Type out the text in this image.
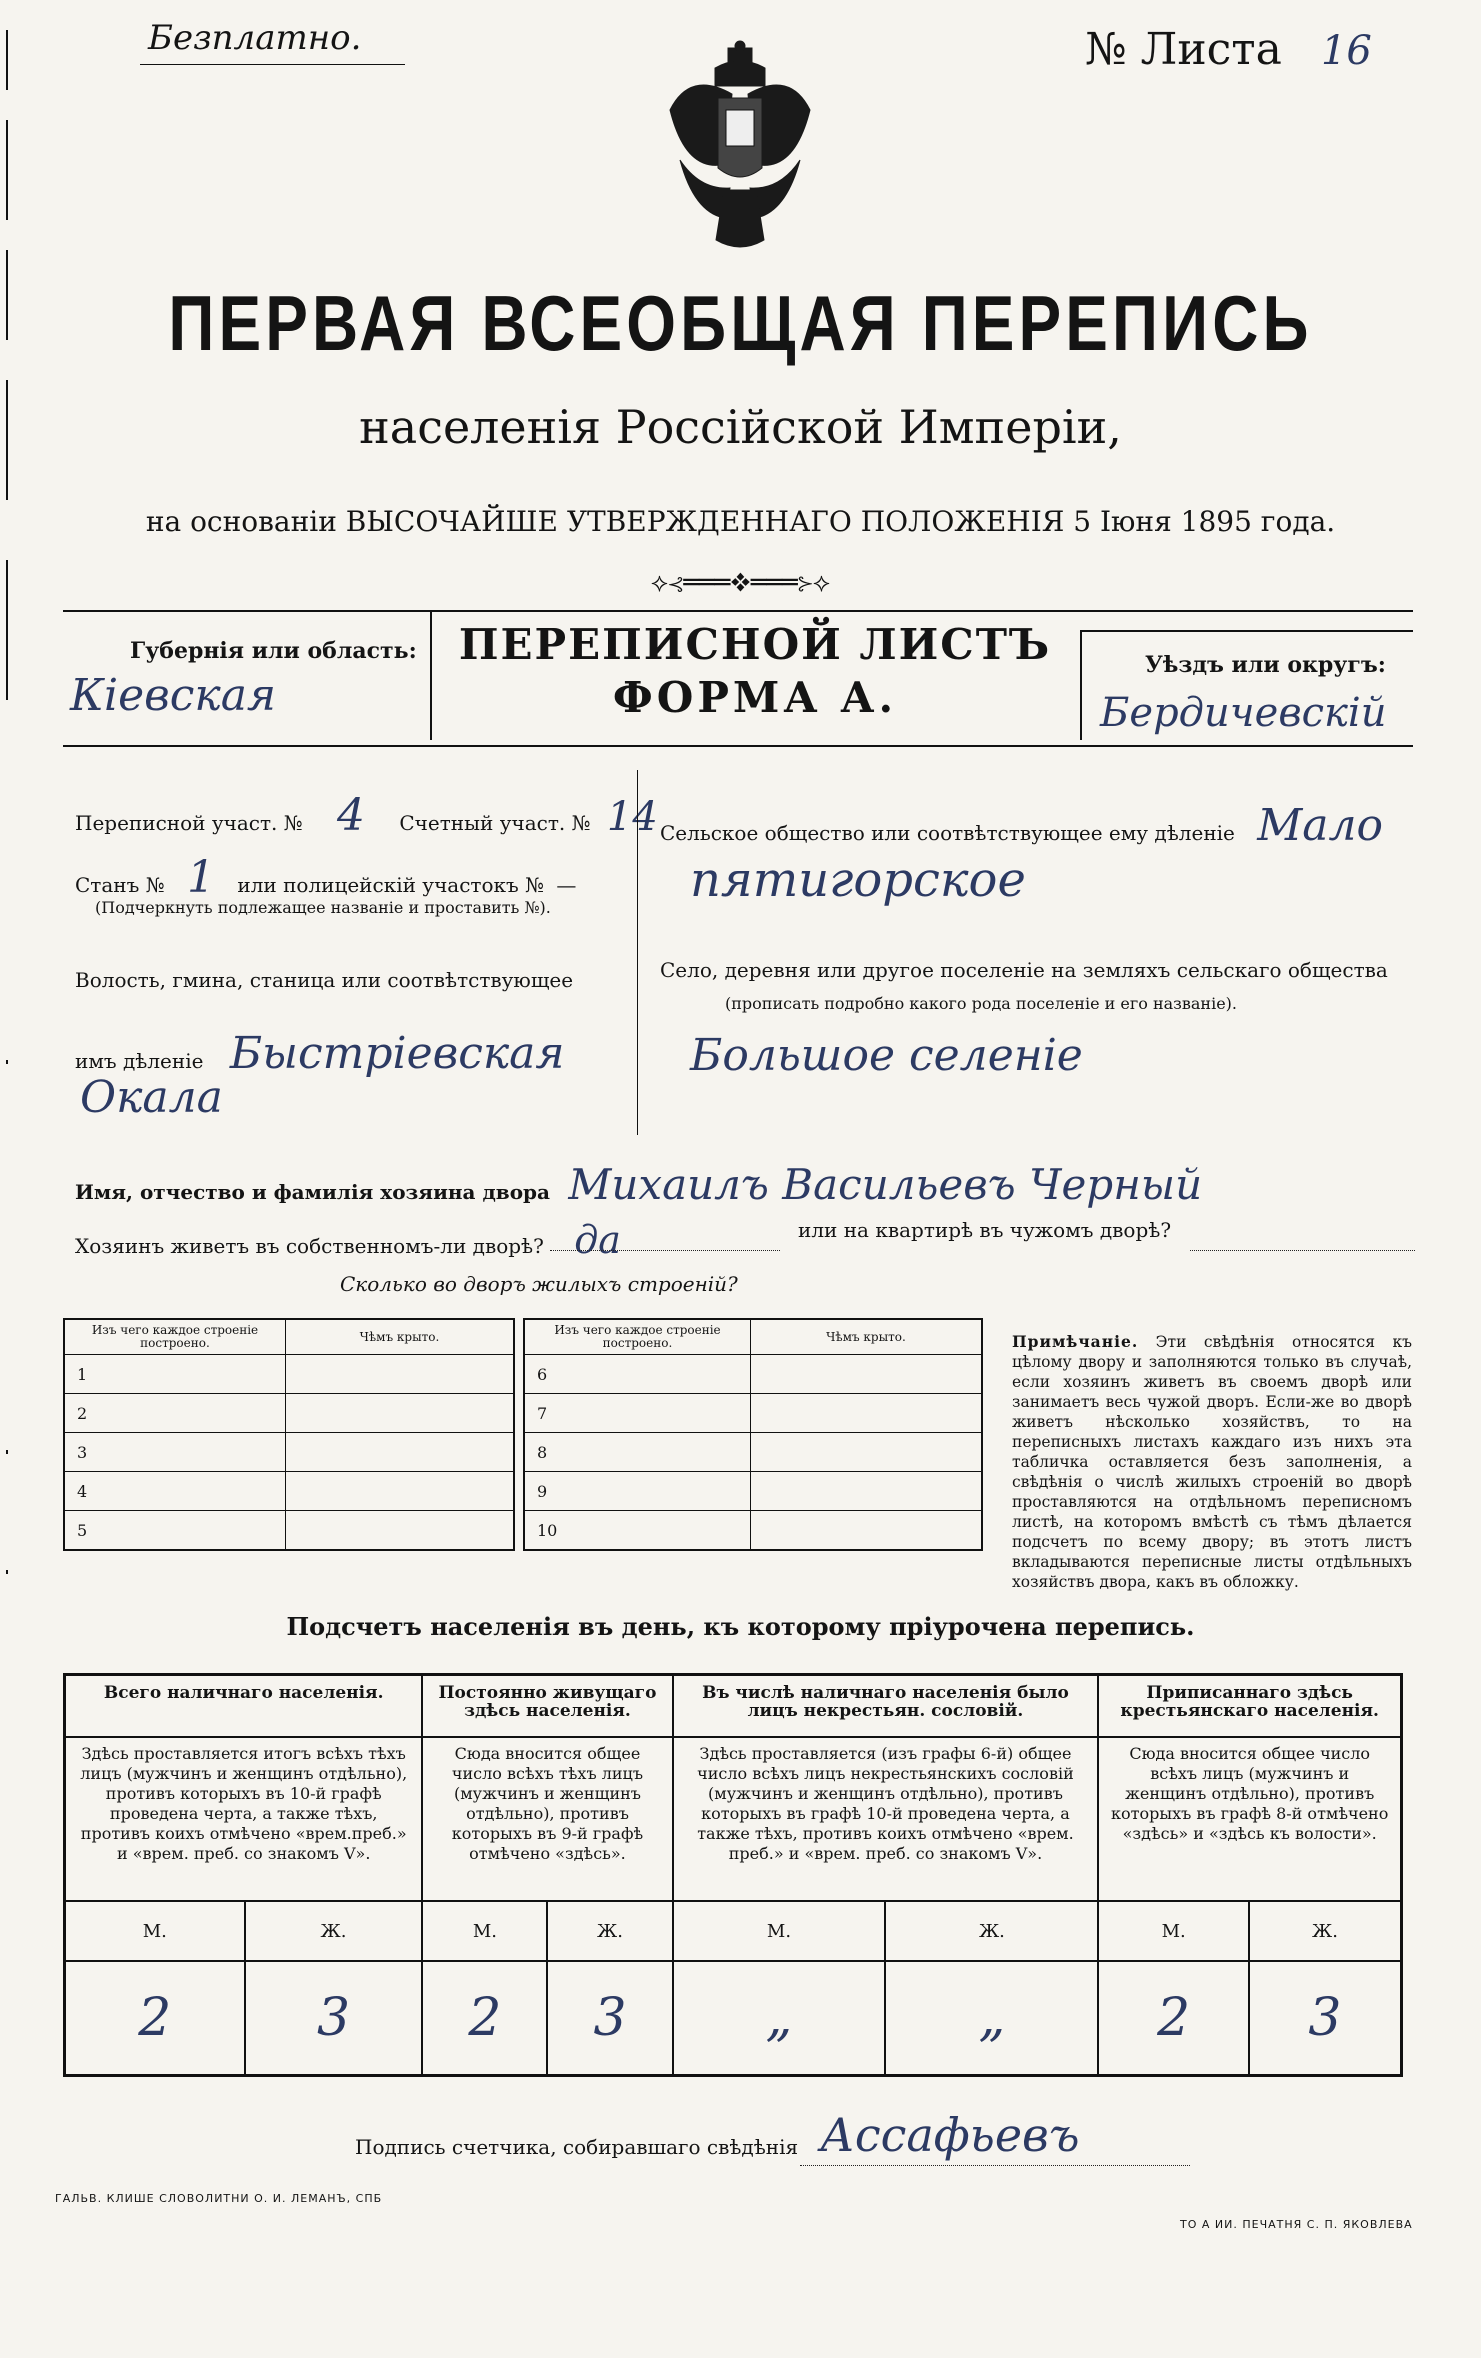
Безплатно.	№ Листа 16
ПЕРВАЯ ВСЕОБЩАЯ ПЕРЕПИСЬ
населенія Россійской Имперіи,
на основаніи ВЫСОЧАЙШЕ УТВЕРЖДЕННАГО ПОЛОЖЕНІЯ 5 Іюня 1895 года.
⟡⊰═══❖═══⊱⟡
Губернія или область:
Кіевская
ПЕРЕПИСНОЙ ЛИСТЪ
ФОРМА А.
Уѣздъ или округъ:
Бердичевскій
Переписной участ. № 4 Счетный участ. № 14
Станъ № 1 или полицейскій участокъ № —
(Подчеркнуть подлежащее названіе и проставить №).
Волость, гмина, станица или соотвѣтствующее
имъ дѣленіе Быстріевская
Окала
Сельское общество или соотвѣтствующее ему дѣленіе Мало
пятигорское
Село, деревня или другое поселеніе на земляхъ сельскаго общества
(прописать подробно какого рода поселеніе и его названіе).
Большое селеніе
Имя, отчество и фамилія хозяина двора Михаилъ Васильевъ Черный
Хозяинъ живетъ въ собственномъ-ли дворѣ? да	или на квартирѣ въ чужомъ дворѣ?
Сколько во дворъ жилыхъ строеній?
Изъ чего каждое строеніе построено.	Чѣмъ крыто.
1	
2	
3	
4	
5	
Изъ чего каждое строеніе построено.	Чѣмъ крыто.
6	
7	
8	
9	
10	
Примѣчаніе. Эти свѣдѣнія относятся къ цѣлому двору и заполняются только въ случаѣ, если хозяинъ живетъ въ своемъ дворѣ или занимаетъ весь чужой дворъ. Если-же во дворѣ живетъ нѣсколько хозяйствъ, то на переписныхъ листахъ каждаго изъ нихъ эта табличка оставляется безъ заполненія, а свѣдѣнія о числѣ жилыхъ строеній во дворѣ проставляются на отдѣльномъ переписномъ листѣ, на которомъ вмѣстѣ съ тѣмъ дѣлается подсчетъ по всему двору; въ этотъ листъ вкладываются переписные листы отдѣльныхъ хозяйствъ двора, какъ въ обложку.
Подсчетъ населенія въ день, къ которому пріурочена перепись.
Всего наличнаго населенія.		Постоянно живущаго здѣсь населенія.		Въ числѣ наличнаго населенія было лицъ некрестьян. сословій.		Приписаннаго здѣсь крестьянскаго населенія.	
Здѣсь проставляется итогъ всѣхъ тѣхъ лицъ (мужчинъ и женщинъ отдѣльно), противъ которыхъ въ 10-й графѣ проведена черта, а также тѣхъ, противъ коихъ отмѣчено «врем.преб.» и «врем. преб. со знакомъ V».		Сюда вносится общее число всѣхъ тѣхъ лицъ (мужчинъ и женщинъ отдѣльно), противъ которыхъ въ 9-й графѣ отмѣчено «здѣсь».		Здѣсь проставляется (изъ графы 6-й) общее число всѣхъ лицъ некрестьянскихъ сословій (мужчинъ и женщинъ отдѣльно), противъ которыхъ въ графѣ 10-й проведена черта, а также тѣхъ, противъ коихъ отмѣчено «врем. преб.» и «врем. преб. со знакомъ V».		Сюда вносится общее число всѣхъ лицъ (мужчинъ и женщинъ отдѣльно), противъ которыхъ въ графѣ 8-й отмѣчено «здѣсь» и «здѣсь къ волости».	
М.	Ж.	М.	Ж.	М.	Ж.	М.	Ж.
2	3	2	3	„	„	2	3
Подпись счетчика, собиравшаго свѣдѣнія Ассафьевъ
ГАЛЬВ. КЛИШЕ СЛОВОЛИТНИ О. И. ЛЕМАНЪ, СПБ
ТО А ИИ. ПЕЧАТНЯ С. П. ЯКОВЛЕВА
